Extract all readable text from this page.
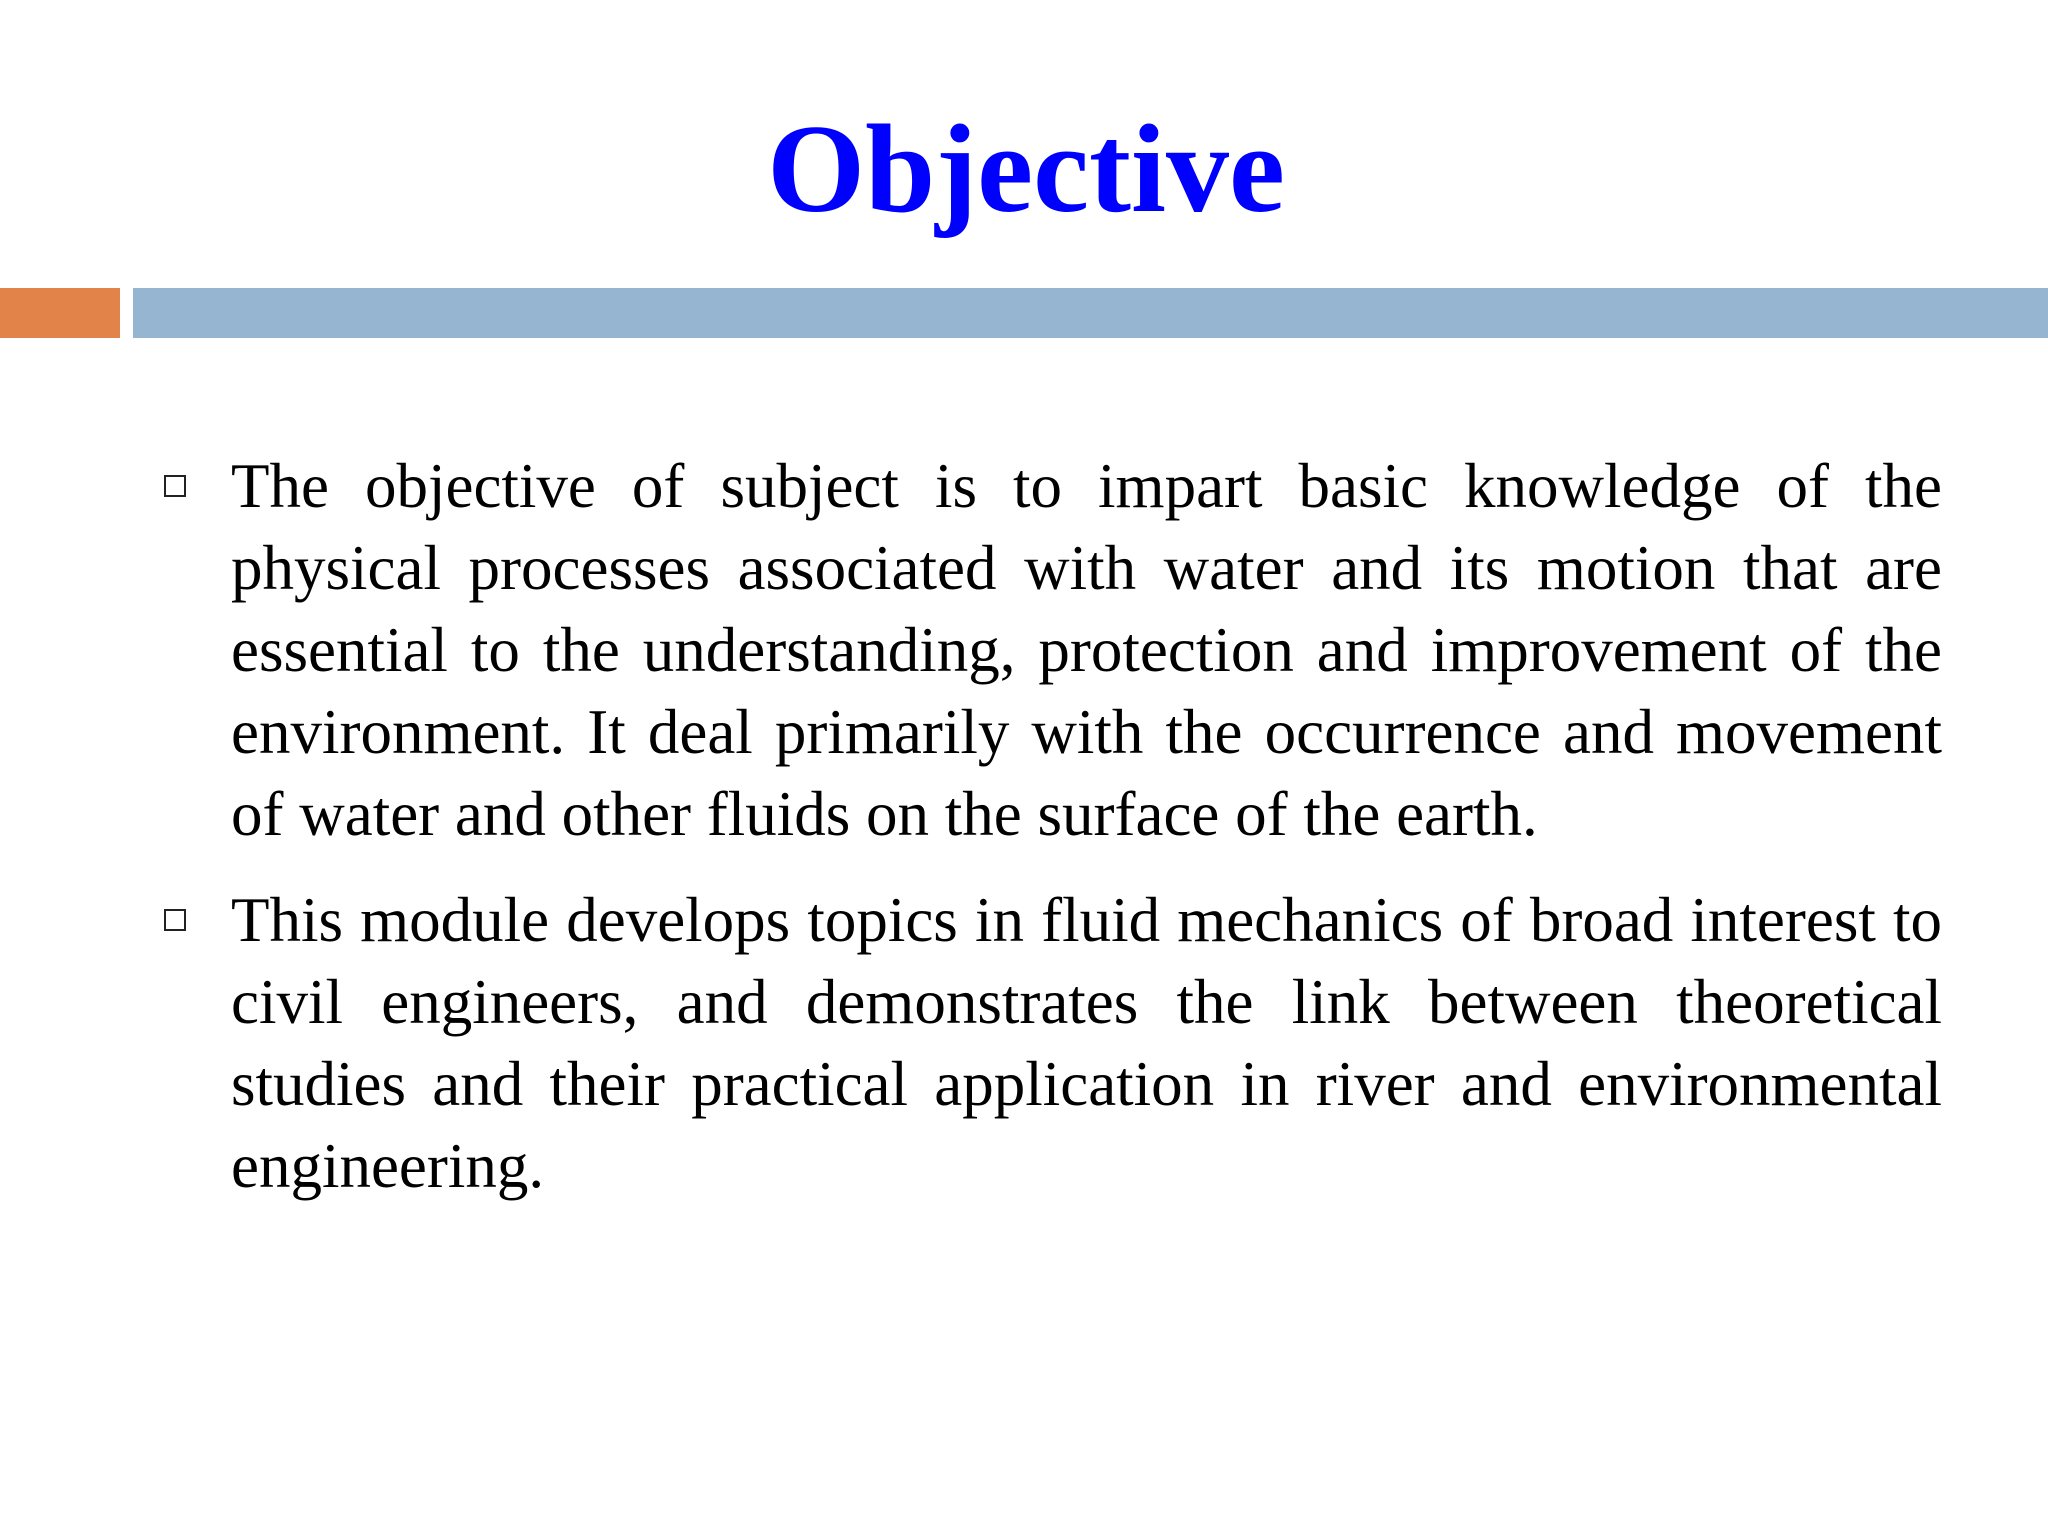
Objective
The objective of subject is to impart basic knowledge of the physical processes associated with water and its motion that are essential to the understanding, protection and improvement of the environment. It deal primarily with the occurrence and movement of water and other fluids on the surface of the earth.
This module develops topics in fluid mechanics of broad interest to civil engineers, and demonstrates the link between theoretical studies and their practical application in river and environmental engineering.
